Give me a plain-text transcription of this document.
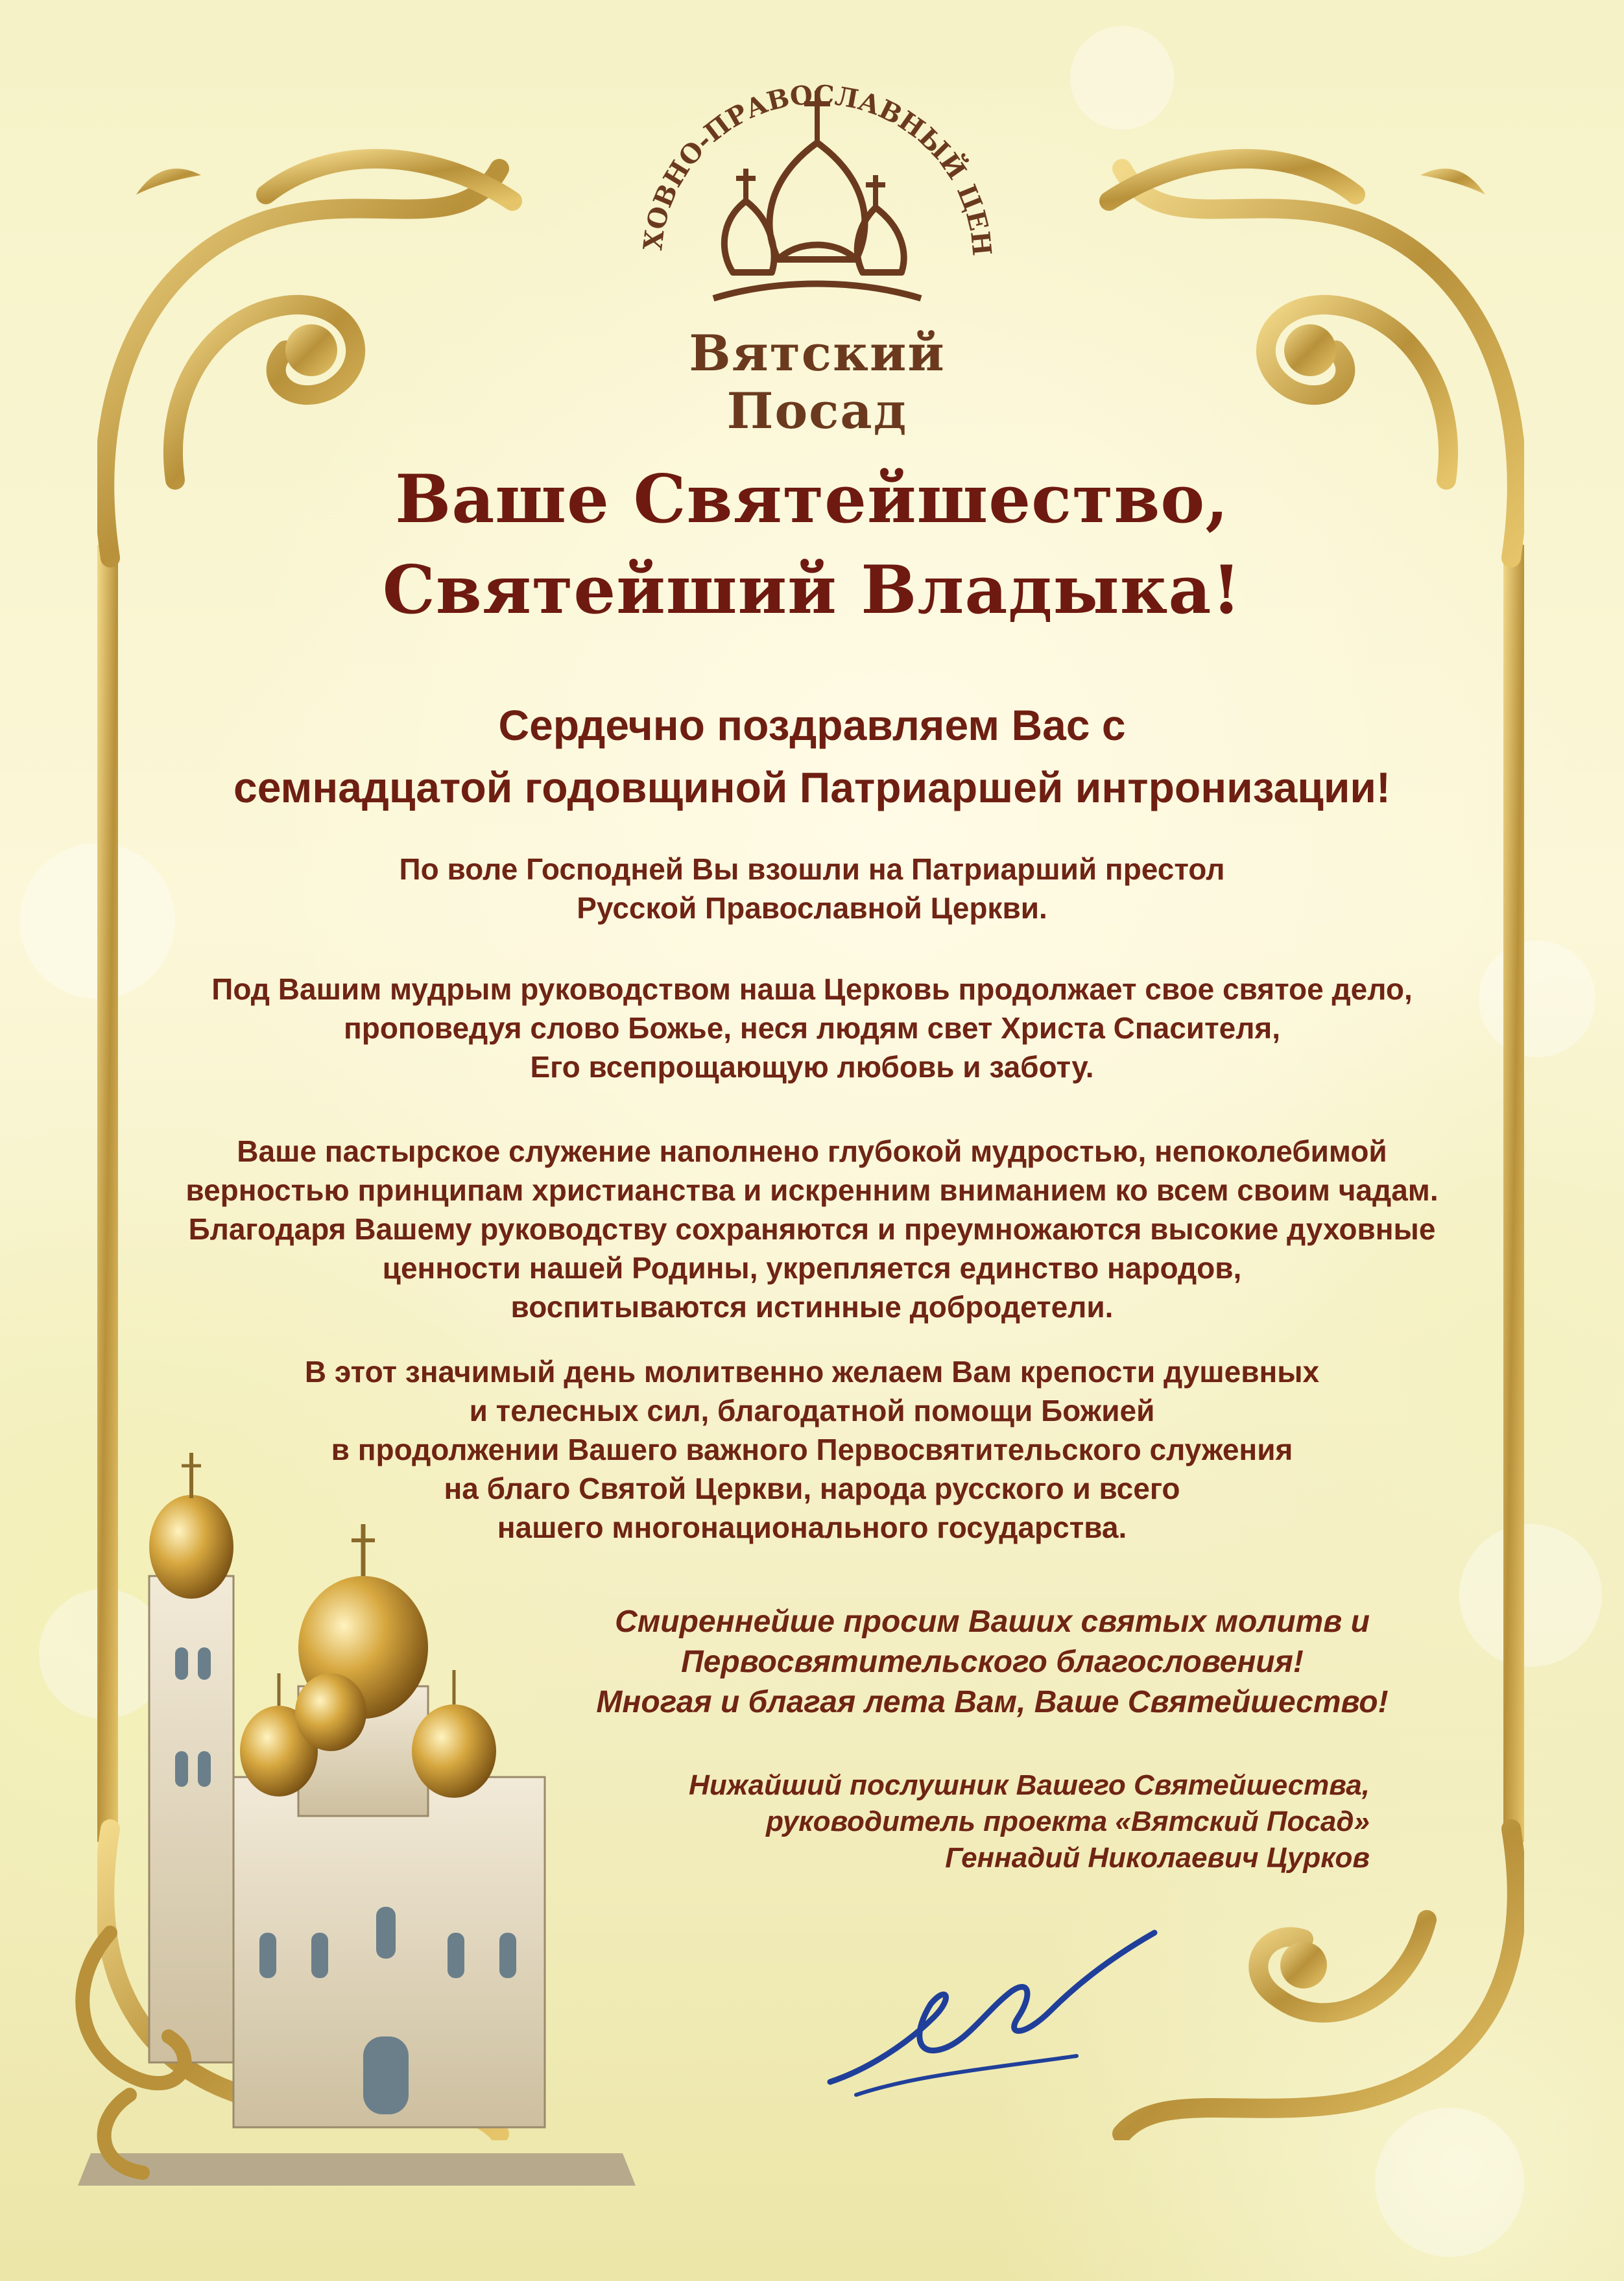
ХОВНО-ПРАВОСЛАВНЫЙ ЦЕН
Вятский Посад
Ваше Святейшество,
Святейший Владыка!
Сердечно поздравляем Вас с
семнадцатой годовщиной Патриаршей интронизации!
По воле Господней Вы взошли на Патриарший престол
Русской Православной Церкви.
Под Вашим мудрым руководством наша Церковь продолжает свое святое дело,
проповедуя слово Божье, неся людям свет Христа Спасителя,
Его всепрощающую любовь и заботу.
Ваше пастырское служение наполнено глубокой мудростью, непоколебимой
верностью принципам христианства и искренним вниманием ко всем своим чадам.
Благодаря Вашему руководству сохраняются и преумножаются высокие духовные
ценности нашей Родины, укрепляется единство народов,
воспитываются истинные добродетели.
В этот значимый день молитвенно желаем Вам крепости душевных
и телесных сил, благодатной помощи Божией
в продолжении Вашего важного Первосвятительского служения
на благо Святой Церкви, народа русского и всего
нашего многонационального государства.
Смиреннейше просим Ваших святых молитв и
Первосвятительского благословения!
Многая и благая лета Вам, Ваше Святейшество!
Нижайший послушник Вашего Святейшества,
руководитель проекта «Вятский Посад»
Геннадий Николаевич Цурков
